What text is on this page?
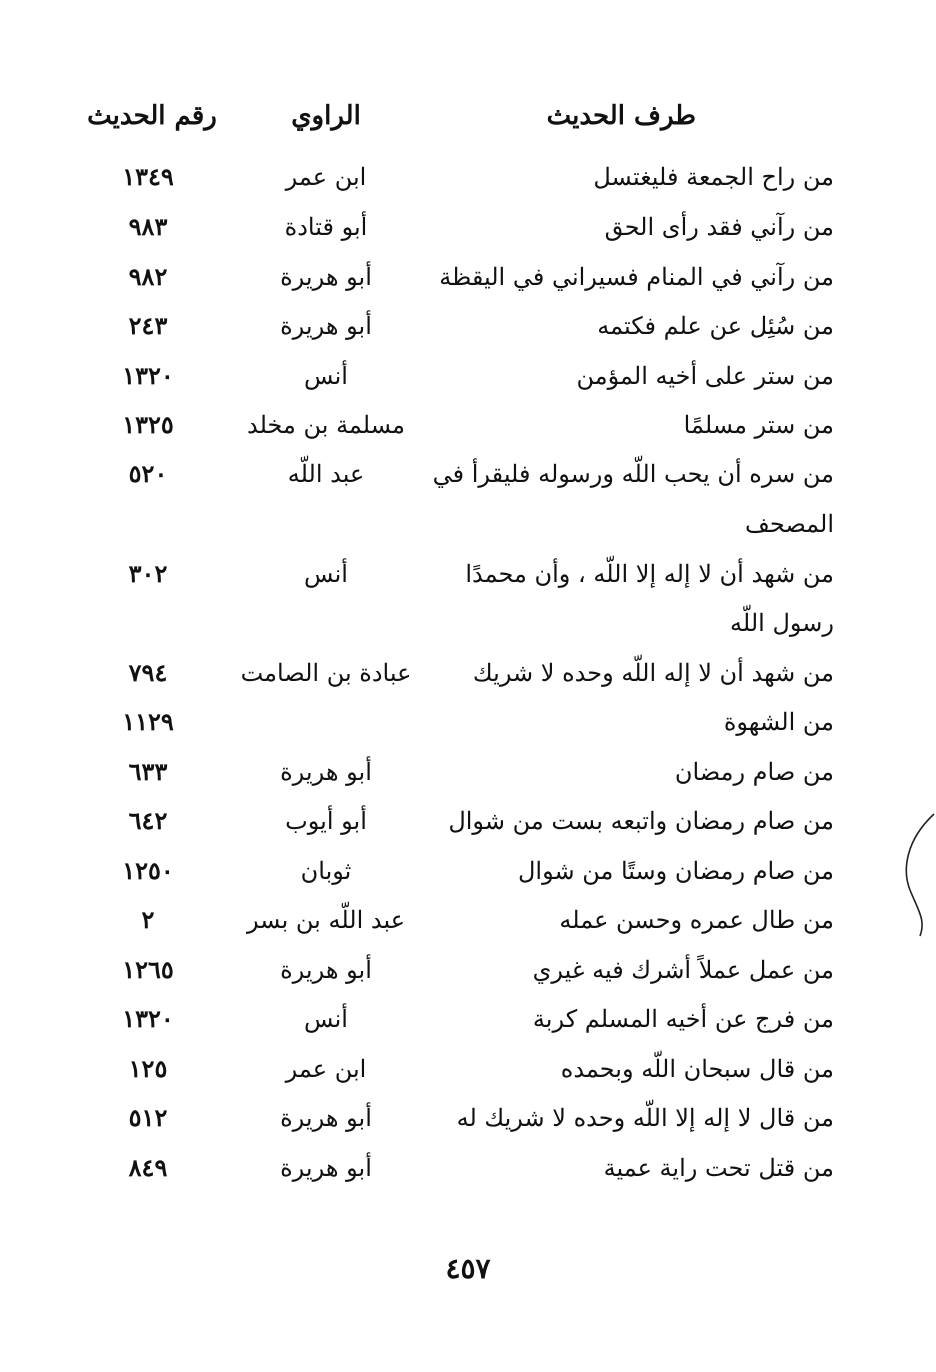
طرف الحديث
الراوي
رقم الحديث
من راح الجمعة فليغتسل
ابن عمر
١٣٤٩
من رآني فقد رأى الحق
أبو قتادة
٩٨٣
من رآني في المنام فسيراني في اليقظة
أبو هريرة
٩٨٢
من سُئِل عن علم فكتمه
أبو هريرة
٢٤٣
من ستر على أخيه المؤمن
أنس
١٣٢٠
من ستر مسلمًا
مسلمة بن مخلد
١٣٢٥
من سره أن يحب اللّه ورسوله فليقرأ في
عبد اللّه
٥٢٠
المصحف
من شهد أن لا إله إلا اللّه ، وأن محمدًا
أنس
٣٠٢
رسول اللّه
من شهد أن لا إله اللّه وحده لا شريك
عبادة بن الصامت
٧٩٤
من الشهوة
١١٢٩
من صام رمضان
أبو هريرة
٦٣٣
من صام رمضان واتبعه بست من شوال
أبو أيوب
٦٤٢
من صام رمضان وستًا من شوال
ثوبان
١٢٥٠
من طال عمره وحسن عمله
عبد اللّه بن بسر
٢
من عمل عملاً أشرك فيه غيري
أبو هريرة
١٢٦٥
من فرج عن أخيه المسلم كربة
أنس
١٣٢٠
من قال سبحان اللّه وبحمده
ابن عمر
١٢٥
من قال لا إله إلا اللّه وحده لا شريك له
أبو هريرة
٥١٢
من قتل تحت راية عمية
أبو هريرة
٨٤٩
٤٥٧
